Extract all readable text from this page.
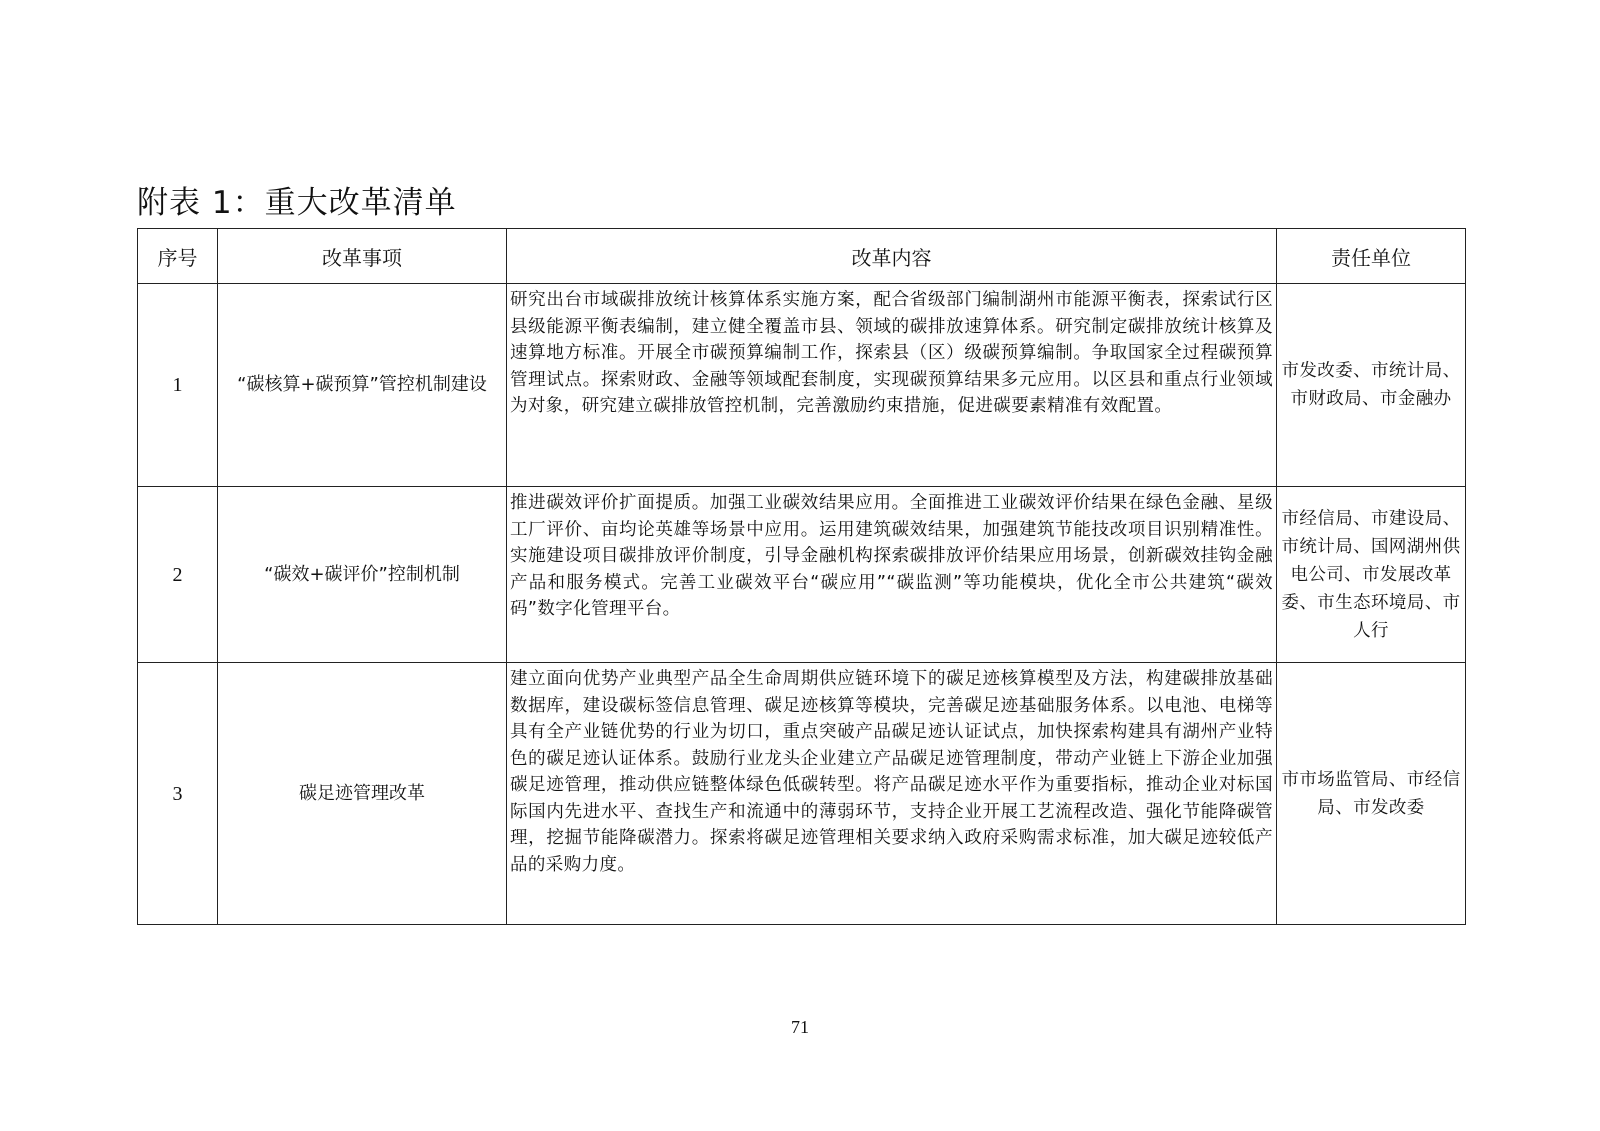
附表 1：重大改革清单
序号	改革事项	改革内容	责任单位
1	“碳核算+碳预算”管控机制建设	研究出台市域碳排放统计核算体系实施方案，配合省级部门编制湖州市能源平衡表，探索试行区县级能源平衡表编制，建立健全覆盖市县、领域的碳排放速算体系。研究制定碳排放统计核算及速算地方标准。开展全市碳预算编制工作，探索县（区）级碳预算编制。争取国家全过程碳预算管理试点。探索财政、金融等领域配套制度，实现碳预算结果多元应用。以区县和重点行业领域为对象，研究建立碳排放管控机制，完善激励约束措施，促进碳要素精准有效配置。	市发改委、市统计局、市财政局、市金融办
2	“碳效+碳评价”控制机制	推进碳效评价扩面提质。加强工业碳效结果应用。全面推进工业碳效评价结果在绿色金融、星级工厂评价、亩均论英雄等场景中应用。运用建筑碳效结果，加强建筑节能技改项目识别精准性。实施建设项目碳排放评价制度，引导金融机构探索碳排放评价结果应用场景，创新碳效挂钩金融产品和服务模式。完善工业碳效平台“碳应用”“碳监测”等功能模块，优化全市公共建筑“碳效码”数字化管理平台。	市经信局、市建设局、市统计局、国网湖州供电公司、市发展改革委、市生态环境局、市人行
3	碳足迹管理改革	建立面向优势产业典型产品全生命周期供应链环境下的碳足迹核算模型及方法，构建碳排放基础数据库，建设碳标签信息管理、碳足迹核算等模块，完善碳足迹基础服务体系。以电池、电梯等具有全产业链优势的行业为切口，重点突破产品碳足迹认证试点，加快探索构建具有湖州产业特色的碳足迹认证体系。鼓励行业龙头企业建立产品碳足迹管理制度，带动产业链上下游企业加强碳足迹管理，推动供应链整体绿色低碳转型。将产品碳足迹水平作为重要指标，推动企业对标国际国内先进水平、查找生产和流通中的薄弱环节，支持企业开展工艺流程改造、强化节能降碳管理，挖掘节能降碳潜力。探索将碳足迹管理相关要求纳入政府采购需求标准，加大碳足迹较低产品的采购力度。	市市场监管局、市经信局、市发改委
71
